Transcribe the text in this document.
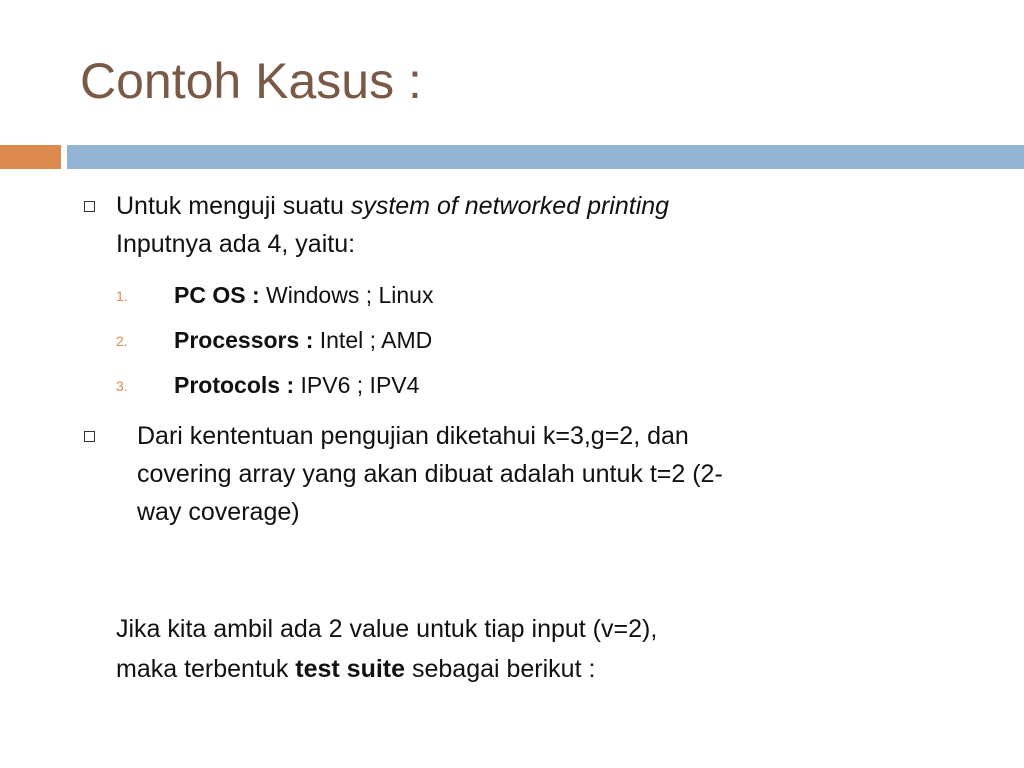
Contoh Kasus :
Untuk menguji suatu system of networked printing
Inputnya ada 4, yaitu:
1. PC OS : Windows ; Linux
2. Processors : Intel ; AMD
3. Protocols : IPV6 ; IPV4
Dari kententuan pengujian diketahui k=3,g=2, dan
covering array yang akan dibuat adalah untuk t=2 (2-
way coverage)
Jika kita ambil ada 2 value untuk tiap input (v=2),
maka terbentuk test suite sebagai berikut :
